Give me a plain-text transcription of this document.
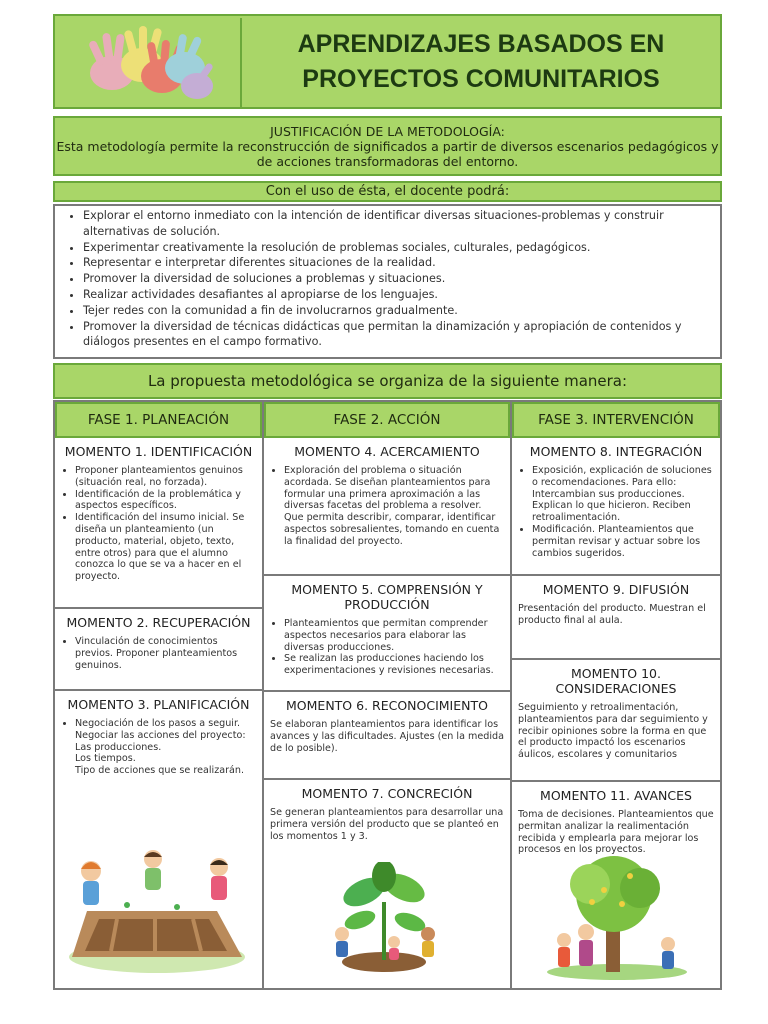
APRENDIZAJES BASADOS EN
PROYECTOS COMUNITARIOS
JUSTIFICACIÓN DE LA METODOLOGÍA:
Esta metodología permite la reconstrucción de significados a partir de diversos escenarios pedagógicos y de acciones transformadoras del entorno.
Con el uso de ésta, el docente podrá:
• Explorar el entorno inmediato con la intención de identificar diversas situaciones-problemas y construir alternativas de solución.
• Experimentar creativamente la resolución de problemas sociales, culturales, pedagógicos.
• Representar e interpretar diferentes situaciones de la realidad.
• Promover la diversidad de soluciones a problemas y situaciones.
• Realizar actividades desafiantes al apropiarse de los lenguajes.
• Tejer redes con la comunidad a fin de involucrarnos gradualmente.
• Promover la diversidad de técnicas didácticas que permitan la dinamización y apropiación de contenidos y diálogos presentes en el campo formativo.
La propuesta metodológica se organiza de la siguiente manera:
FASE 1. PLANEACIÓN
MOMENTO 1. IDENTIFICACIÓN
• Proponer planteamientos genuinos (situación real, no forzada).
• Identificación de la problemática y aspectos específicos.
• Identificación del insumo inicial. Se diseña un planteamiento (un producto, material, objeto, texto, entre otros) para que el alumno conozca lo que se va a hacer en el proyecto.
MOMENTO 2. RECUPERACIÓN
• Vinculación de conocimientos previos. Proponer planteamientos genuinos.
MOMENTO 3. PLANIFICACIÓN
• Negociación de los pasos a seguir. Negociar las acciones del proyecto:
Las producciones.
Los tiempos.
Tipo de acciones que se realizarán.
FASE 2. ACCIÓN
MOMENTO 4. ACERCAMIENTO
• Exploración del problema o situación acordada. Se diseñan planteamientos para formular una primera aproximación a las diversas facetas del problema a resolver. Que permita describir, comparar, identificar aspectos sobresalientes, tomando en cuenta la finalidad del proyecto.
MOMENTO 5. COMPRENSIÓN Y PRODUCCIÓN
• Planteamientos que permitan comprender aspectos necesarios para elaborar las diversas producciones.
• Se realizan las producciones haciendo los experimentaciones y revisiones necesarias.
MOMENTO 6. RECONOCIMIENTO

Se elaboran planteamientos para identificar los avances y las dificultades. Ajustes (en la medida de lo posible).

MOMENTO 7. CONCRECIÓN

Se generan planteamientos para desarrollar una primera versión del producto que se planteó en los momentos 1 y 3.

FASE 3. INTERVENCIÓN
MOMENTO 8. INTEGRACIÓN
• Exposición, explicación de soluciones o recomendaciones. Para ello: Intercambian sus producciones. Explican lo que hicieron. Reciben retroalimentación.
• Modificación. Planteamientos que permitan revisar y actuar sobre los cambios sugeridos.
MOMENTO 9. DIFUSIÓN

Presentación del producto. Muestran el producto final al aula.

MOMENTO 10. CONSIDERACIONES

Seguimiento y retroalimentación, planteamientos para dar seguimiento y recibir opiniones sobre la forma en que el producto impactó los escenarios áulicos, escolares y comunitarios

MOMENTO 11. AVANCES

Toma de decisiones. Planteamientos que permitan analizar la realimentación recibida y emplearla para mejorar los procesos en los proyectos.
